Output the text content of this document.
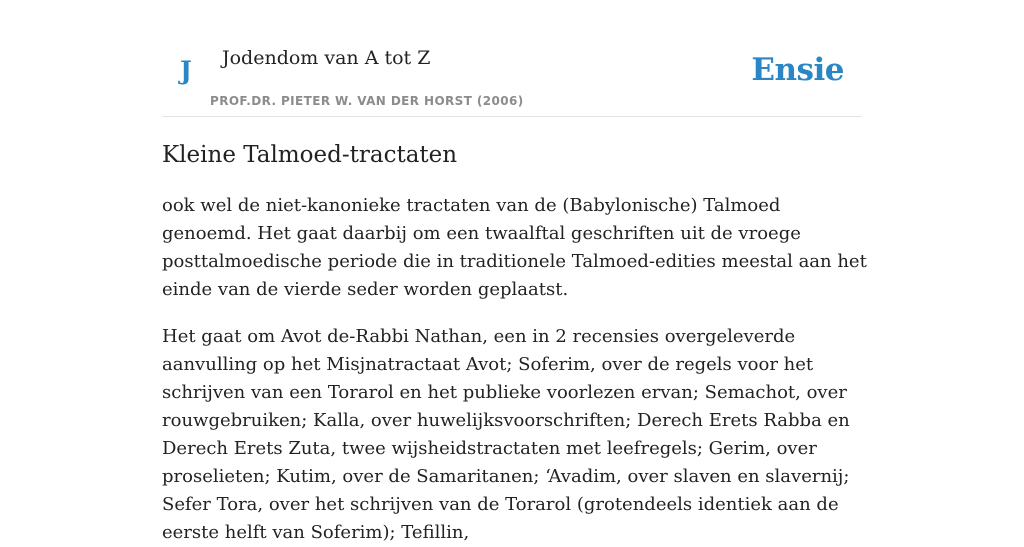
J Jodendom van A tot Z
PROF.DR. PIETER W. VAN DER HORST (2006)
Ensie
Kleine Talmoed-tractaten

ook wel de niet-kanonieke tractaten van de (Babylonische) Talmoed genoemd. Het gaat daarbij om een twaalftal geschriften uit de vroege posttalmoedische periode die in traditionele Talmoed-edities meestal aan het einde van de vierde seder worden geplaatst.

Het gaat om Avot de-Rabbi Nathan, een in 2 recensies overgeleverde aanvulling op het Misjnatractaat Avot; Soferim, over de regels voor het schrijven van een Torarol en het publieke voorlezen ervan; Semachot, over rouwgebruiken; Kalla, over huwelijksvoorschriften; Derech Erets Rabba en Derech Erets Zuta, twee wijsheidstractaten met leefregels; Gerim, over proselieten; Kutim, over de Samaritanen; ‘Avadim, over slaven en slavernij; Sefer Tora, over het schrijven van de Torarol (grotendeels identiek aan de eerste helft van Soferim); Tefillin,
